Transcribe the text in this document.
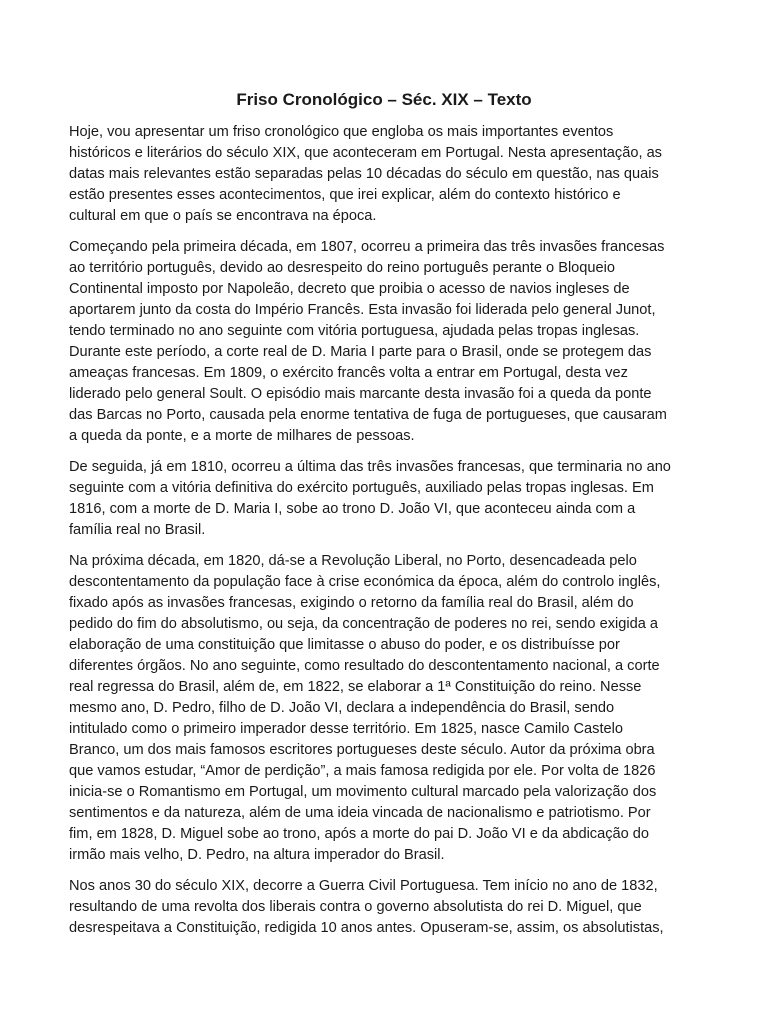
Friso Cronológico – Séc. XIX – Texto

Hoje, vou apresentar um friso cronológico que engloba os mais importantes eventos
históricos e literários do século XIX, que aconteceram em Portugal. Nesta apresentação, as
datas mais relevantes estão separadas pelas 10 décadas do século em questão, nas quais
estão presentes esses acontecimentos, que irei explicar, além do contexto histórico e
cultural em que o país se encontrava na época.

Começando pela primeira década, em 1807, ocorreu a primeira das três invasões francesas
ao território português, devido ao desrespeito do reino português perante o Bloqueio
Continental imposto por Napoleão, decreto que proibia o acesso de navios ingleses de
aportarem junto da costa do Império Francês. Esta invasão foi liderada pelo general Junot,
tendo terminado no ano seguinte com vitória portuguesa, ajudada pelas tropas inglesas.
Durante este período, a corte real de D. Maria I parte para o Brasil, onde se protegem das
ameaças francesas. Em 1809, o exército francês volta a entrar em Portugal, desta vez
liderado pelo general Soult. O episódio mais marcante desta invasão foi a queda da ponte
das Barcas no Porto, causada pela enorme tentativa de fuga de portugueses, que causaram
a queda da ponte, e a morte de milhares de pessoas.

De seguida, já em 1810, ocorreu a última das três invasões francesas, que terminaria no ano
seguinte com a vitória definitiva do exército português, auxiliado pelas tropas inglesas. Em
1816, com a morte de D. Maria I, sobe ao trono D. João VI, que aconteceu ainda com a
família real no Brasil.

Na próxima década, em 1820, dá-se a Revolução Liberal, no Porto, desencadeada pelo
descontentamento da população face à crise económica da época, além do controlo inglês,
fixado após as invasões francesas, exigindo o retorno da família real do Brasil, além do
pedido do fim do absolutismo, ou seja, da concentração de poderes no rei, sendo exigida a
elaboração de uma constituição que limitasse o abuso do poder, e os distribuísse por
diferentes órgãos. No ano seguinte, como resultado do descontentamento nacional, a corte
real regressa do Brasil, além de, em 1822, se elaborar a 1ª Constituição do reino. Nesse
mesmo ano, D. Pedro, filho de D. João VI, declara a independência do Brasil, sendo
intitulado como o primeiro imperador desse território. Em 1825, nasce Camilo Castelo
Branco, um dos mais famosos escritores portugueses deste século. Autor da próxima obra
que vamos estudar, “Amor de perdição”, a mais famosa redigida por ele. Por volta de 1826
inicia-se o Romantismo em Portugal, um movimento cultural marcado pela valorização dos
sentimentos e da natureza, além de uma ideia vincada de nacionalismo e patriotismo. Por
fim, em 1828, D. Miguel sobe ao trono, após a morte do pai D. João VI e da abdicação do
irmão mais velho, D. Pedro, na altura imperador do Brasil.

Nos anos 30 do século XIX, decorre a Guerra Civil Portuguesa. Tem início no ano de 1832,
resultando de uma revolta dos liberais contra o governo absolutista do rei D. Miguel, que
desrespeitava a Constituição, redigida 10 anos antes. Opuseram-se, assim, os absolutistas,
